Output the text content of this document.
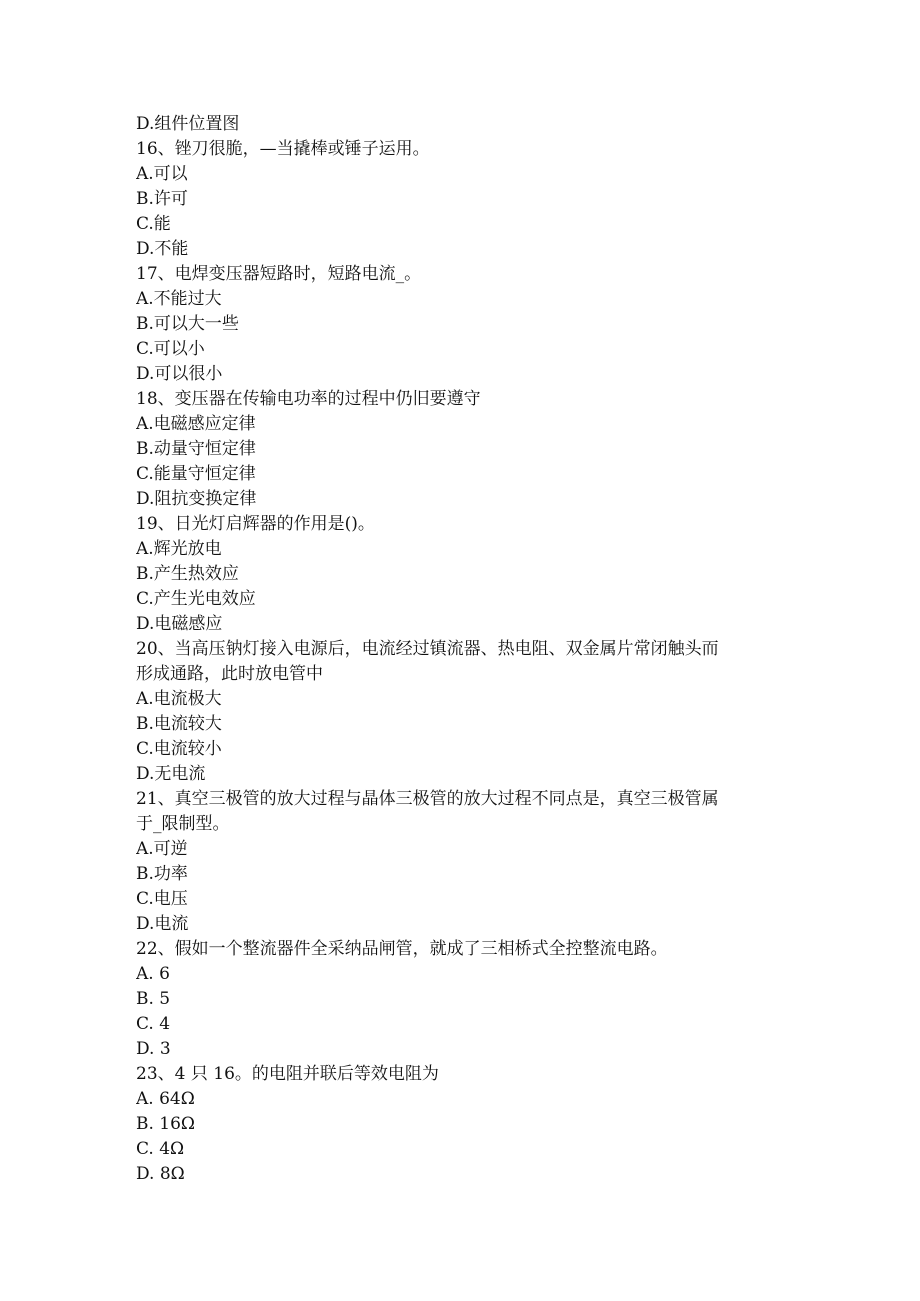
D.组件位置图
16、锉刀很脆，—当撬棒或锤子运用。
A.可以
B.许可
C.能
D.不能
17、电焊变压器短路时，短路电流_。
A.不能过大
B.可以大一些
C.可以小
D.可以很小
18、变压器在传输电功率的过程中仍旧要遵守
A.电磁感应定律
B.动量守恒定律
C.能量守恒定律
D.阻抗变换定律
19、日光灯启辉器的作用是()。
A.辉光放电
B.产生热效应
C.产生光电效应
D.电磁感应
20、当高压钠灯接入电源后，电流经过镇流器、热电阻、双金属片常闭触头而
形成通路，此时放电管中
A.电流极大
B.电流较大
C.电流较小
D.无电流
21、真空三极管的放大过程与晶体三极管的放大过程不同点是，真空三极管属
于_限制型。
A.可逆
B.功率
C.电压
D.电流
22、假如一个整流器件全采纳品闸管，就成了三相桥式全控整流电路。
A. 6
B. 5
C. 4
D. 3
23、4 只 16。的电阻并联后等效电阻为
A. 64Ω
B. 16Ω
C. 4Ω
D. 8Ω
